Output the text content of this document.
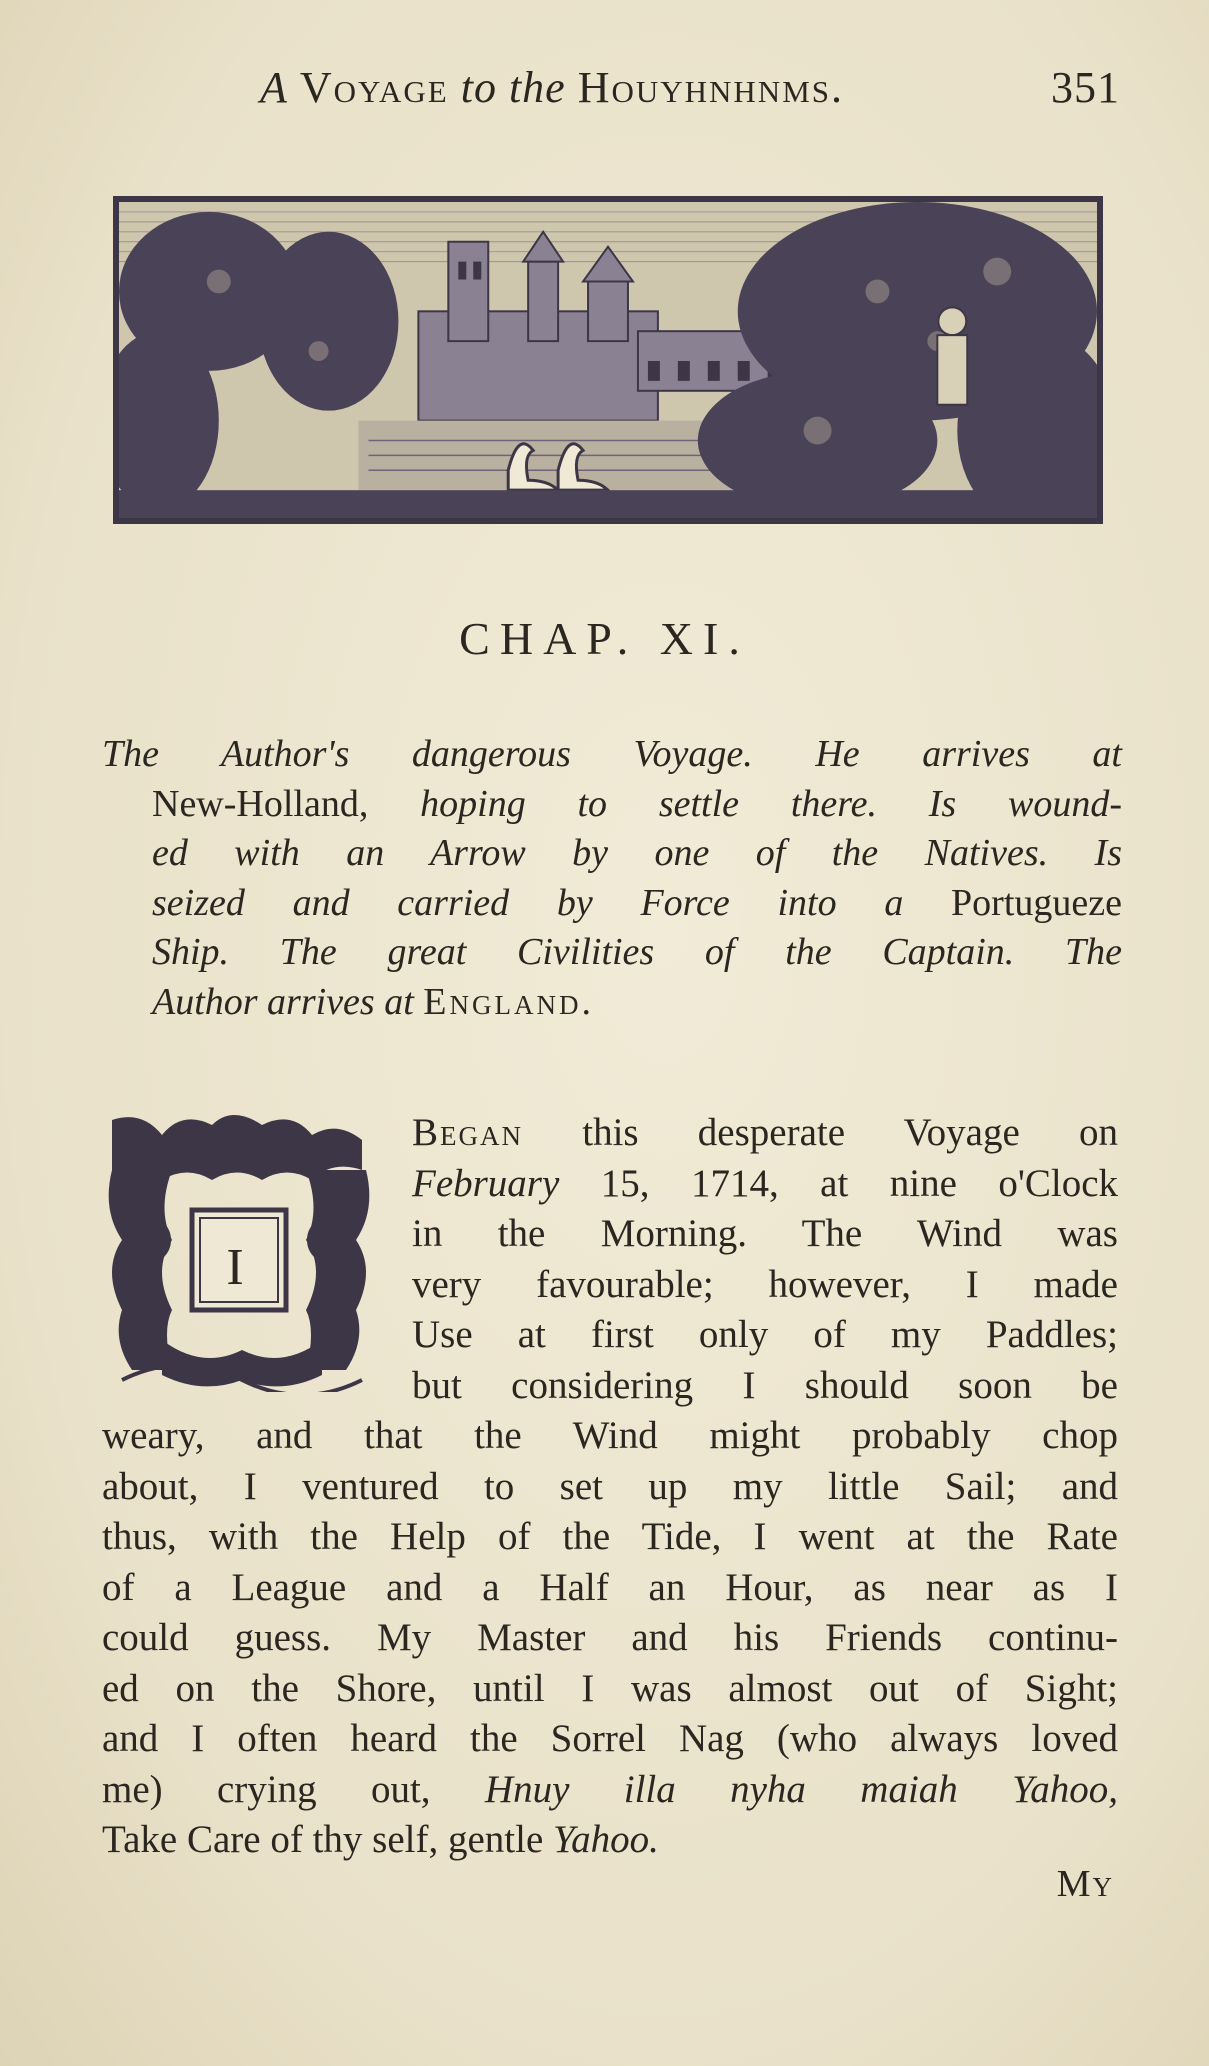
A Voyage to the Houyhnhnms.	351
CHAP. XI.
The Author's dangerous Voyage. He arrives at
New-Holland, hoping to settle there. Is wound-
ed with an Arrow by one of the Natives. Is
seized and carried by Force into a Portugueze
Ship. The great Civilities of the Captain. The
Author arrives at England.
I
Began this desperate Voyage on
February 15, 1714, at nine o'Clock
in the Morning. The Wind was
very favourable; however, I made
Use at first only of my Paddles;
but considering I should soon be
weary, and that the Wind might probably chop
about, I ventured to set up my little Sail; and
thus, with the Help of the Tide, I went at the Rate
of a League and a Half an Hour, as near as I
could guess. My Master and his Friends continu-
ed on the Shore, until I was almost out of Sight;
and I often heard the Sorrel Nag (who always loved
me) crying out, Hnuy illa nyha maiah Yahoo,
Take Care of thy self, gentle Yahoo.
My
